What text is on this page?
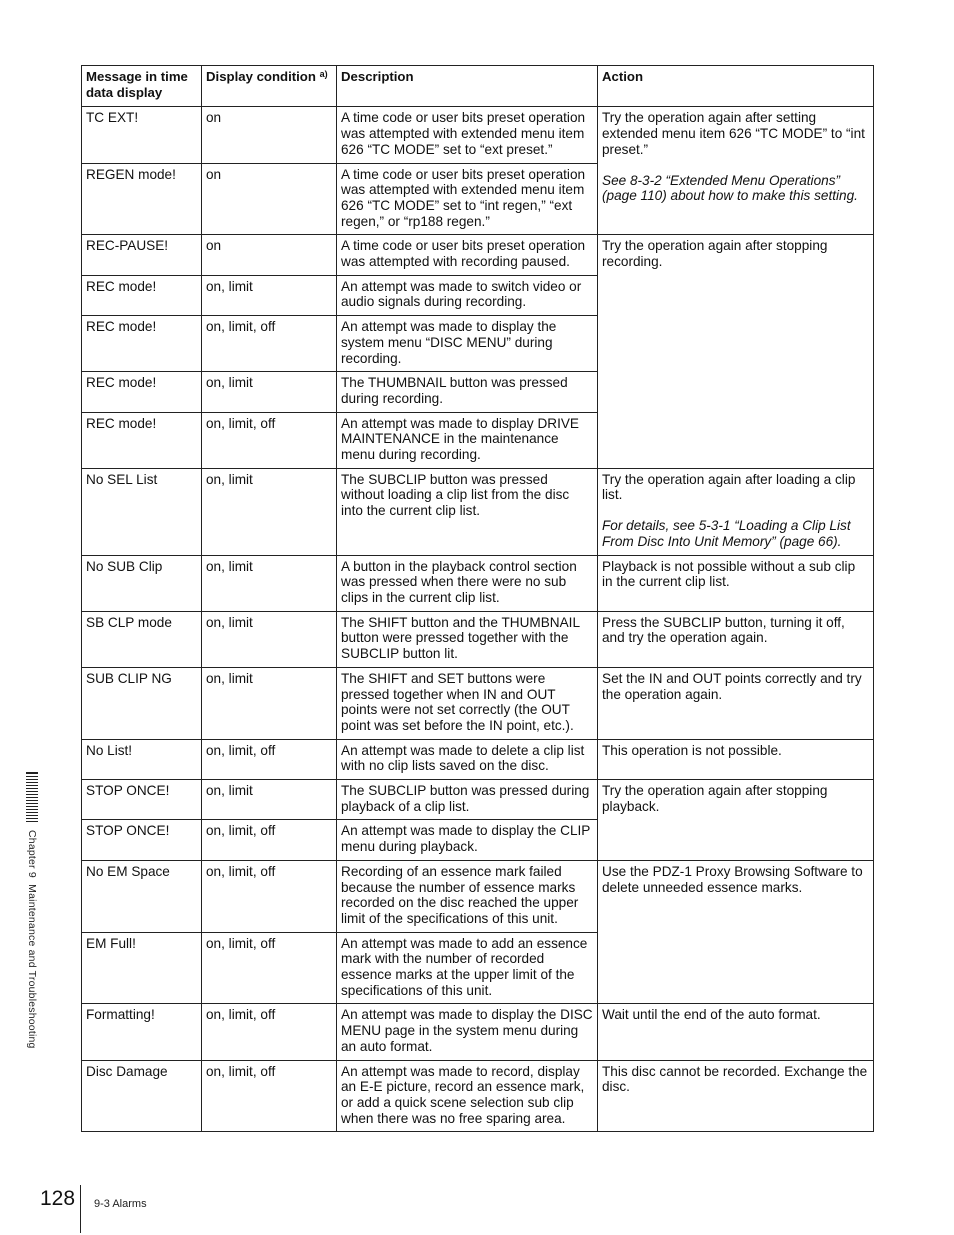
Message in time data display	Display condition $^{a)}$	Description	Action

TC EXT!	on	A time code or user bits preset operation was attempted with extended menu item 626 “TC MODE” set to “ext preset.”	Try the operation again after setting extended menu item 626 “TC MODE” to “int preset.”
See 8-3-2 “Extended Menu Operations” (page 110) about how to make this setting.

REGEN mode!	on	A time code or user bits preset operation was attempted with extended menu item 626 “TC MODE” set to “int regen,” “ext regen,” or “rp188 regen.”	

REC-PAUSE!	on	A time code or user bits preset operation was attempted with recording paused.	Try the operation again after stopping recording.

REC mode!	on, limit	An attempt was made to switch video or audio signals during recording.	

REC mode!	on, limit, off	An attempt was made to display the system menu “DISC MENU” during recording.	

REC mode!	on, limit	The THUMBNAIL button was pressed during recording.	

REC mode!	on, limit, off	An attempt was made to display DRIVE MAINTENANCE in the maintenance menu during recording.	

No SEL List	on, limit	The SUBCLIP button was pressed without loading a clip list from the disc into the current clip list.	Try the operation again after loading a clip list.
For details, see 5-3-1 “Loading a Clip List From Disc Into Unit Memory” (page 66).

No SUB Clip	on, limit	A button in the playback control section was pressed when there were no sub clips in the current clip list.	Playback is not possible without a sub clip in the current clip list.

SB CLP mode	on, limit	The SHIFT button and the THUMBNAIL button were pressed together with the SUBCLIP button lit.	Press the SUBCLIP button, turning it off, and try the operation again.

SUB CLIP NG	on, limit	The SHIFT and SET buttons were pressed together when IN and OUT points were not set correctly (the OUT point was set before the IN point, etc.).	Set the IN and OUT points correctly and try the operation again.

No List!	on, limit, off	An attempt was made to delete a clip list with no clip lists saved on the disc.	This operation is not possible.

STOP ONCE!	on, limit	The SUBCLIP button was pressed during playback of a clip list.	Try the operation again after stopping playback.

STOP ONCE!	on, limit, off	An attempt was made to display the CLIP menu during playback.	

No EM Space	on, limit, off	Recording of an essence mark failed because the number of essence marks recorded on the disc reached the upper limit of the specifications of this unit.	Use the PDZ-1 Proxy Browsing Software to delete unneeded essence marks.

EM Full!	on, limit, off	An attempt was made to add an essence mark with the number of recorded essence marks at the upper limit of the specifications of this unit.	

Formatting!	on, limit, off	An attempt was made to display the DISC MENU page in the system menu during an auto format.	Wait until the end of the auto format.

Disc Damage	on, limit, off	An attempt was made to record, display an E-E picture, record an essence mark, or add a quick scene selection sub clip when there was no free sparing area.	This disc cannot be recorded. Exchange the disc.
Chapter 9  Maintenance and Troubleshooting
128 9-3 Alarms
